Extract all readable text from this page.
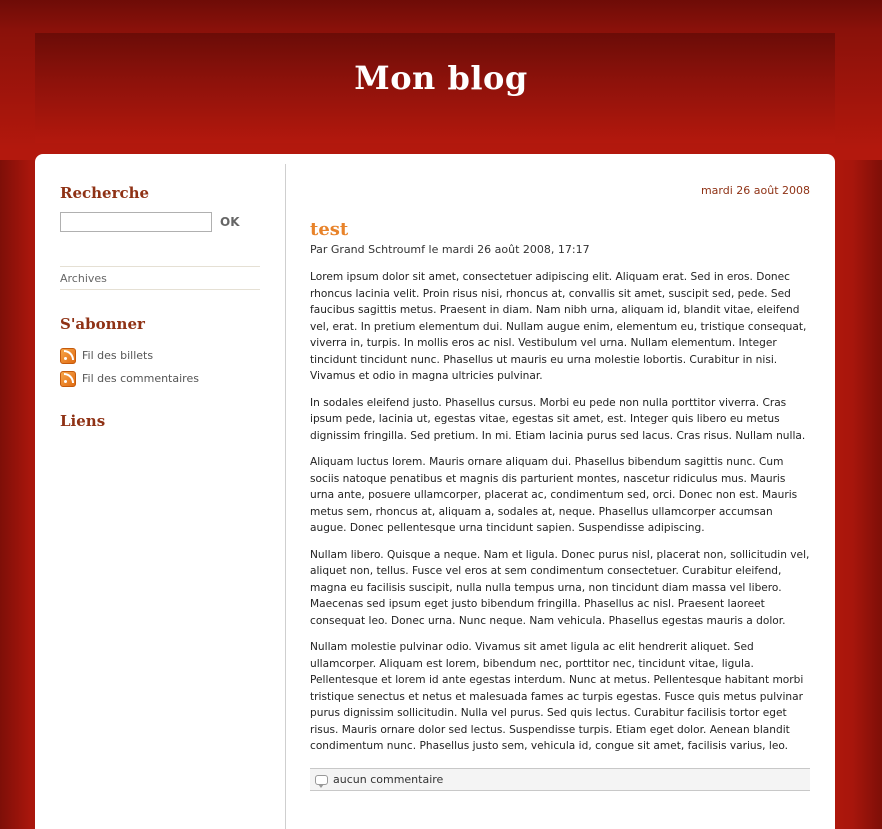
Mon blog
Recherche
OK
Archives
S'abonner
Fil des billets
Fil des commentaires
Liens
mardi 26 août 2008
test
Par Grand Schtroumf le mardi 26 août 2008, 17:17

Lorem ipsum dolor sit amet, consectetuer adipiscing elit. Aliquam erat. Sed in eros. Donec rhoncus lacinia velit. Proin risus nisi, rhoncus at, convallis sit amet, suscipit sed, pede. Sed faucibus sagittis metus. Praesent in diam. Nam nibh urna, aliquam id, blandit vitae, eleifend vel, erat. In pretium elementum dui. Nullam augue enim, elementum eu, tristique consequat, viverra in, turpis. In mollis eros ac nisl. Vestibulum vel urna. Nullam elementum. Integer tincidunt tincidunt nunc. Phasellus ut mauris eu urna molestie lobortis. Curabitur in nisi. Vivamus et odio in magna ultricies pulvinar.

In sodales eleifend justo. Phasellus cursus. Morbi eu pede non nulla porttitor viverra. Cras ipsum pede, lacinia ut, egestas vitae, egestas sit amet, est. Integer quis libero eu metus dignissim fringilla. Sed pretium. In mi. Etiam lacinia purus sed lacus. Cras risus. Nullam nulla.

Aliquam luctus lorem. Mauris ornare aliquam dui. Phasellus bibendum sagittis nunc. Cum sociis natoque penatibus et magnis dis parturient montes, nascetur ridiculus mus. Mauris urna ante, posuere ullamcorper, placerat ac, condimentum sed, orci. Donec non est. Mauris metus sem, rhoncus at, aliquam a, sodales at, neque. Phasellus ullamcorper accumsan augue. Donec pellentesque urna tincidunt sapien. Suspendisse adipiscing.

Nullam libero. Quisque a neque. Nam et ligula. Donec purus nisl, placerat non, sollicitudin vel, aliquet non, tellus. Fusce vel eros at sem condimentum consectetuer. Curabitur eleifend, magna eu facilisis suscipit, nulla nulla tempus urna, non tincidunt diam massa vel libero. Maecenas sed ipsum eget justo bibendum fringilla. Phasellus ac nisl. Praesent laoreet consequat leo. Donec urna. Nunc neque. Nam vehicula. Phasellus egestas mauris a dolor.

Nullam molestie pulvinar odio. Vivamus sit amet ligula ac elit hendrerit aliquet. Sed ullamcorper. Aliquam est lorem, bibendum nec, porttitor nec, tincidunt vitae, ligula. Pellentesque et lorem id ante egestas interdum. Nunc at metus. Pellentesque habitant morbi tristique senectus et netus et malesuada fames ac turpis egestas. Fusce quis metus pulvinar purus dignissim sollicitudin. Nulla vel purus. Sed quis lectus. Curabitur facilisis tortor eget risus. Mauris ornare dolor sed lectus. Suspendisse turpis. Etiam eget dolor. Aenean blandit condimentum nunc. Phasellus justo sem, vehicula id, congue sit amet, facilisis varius, leo.

aucun commentaire
